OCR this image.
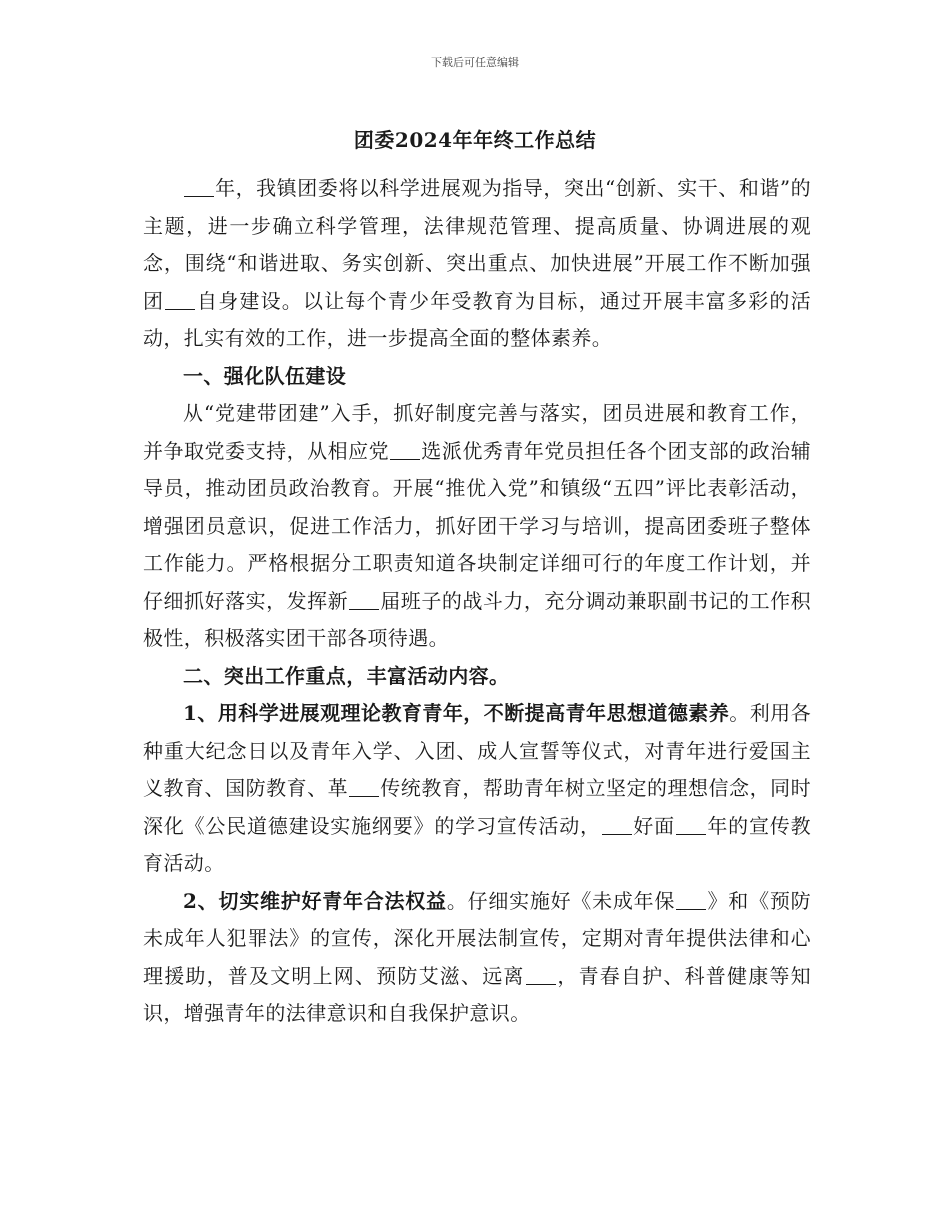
下载后可任意编辑
团委2024年年终工作总结

年，我镇团委将以科学进展观为指导，突出“创新、实干、和谐”的主题，进一步确立科学管理，法律规范管理、提高质量、协调进展的观念，围绕“和谐进取、务实创新、突出重点、加快进展”开展工作不断加强团 自身建设。以让每个青少年受教育为目标，通过开展丰富多彩的活动，扎实有效的工作，进一步提高全面的整体素养。

一、强化队伍建设

从“党建带团建”入手，抓好制度完善与落实，团员进展和教育工作，并争取党委支持，从相应党 选派优秀青年党员担任各个团支部的政治辅导员，推动团员政治教育。开展“推优入党”和镇级“五四”评比表彰活动，增强团员意识，促进工作活力，抓好团干学习与培训，提高团委班子整体工作能力。严格根据分工职责知道各块制定详细可行的年度工作计划，并仔细抓好落实，发挥新 届班子的战斗力，充分调动兼职副书记的工作积极性，积极落实团干部各项待遇。

二、突出工作重点，丰富活动内容。

1、用科学进展观理论教育青年，不断提高青年思想道德素养。利用各种重大纪念日以及青年入学、入团、成人宣誓等仪式，对青年进行爱国主义教育、国防教育、革 传统教育，帮助青年树立坚定的理想信念，同时深化《公民道德建设实施纲要》的学习宣传活动， 好面 年的宣传教育活动。

2、切实维护好青年合法权益。仔细实施好《未成年保 》和《预防未成年人犯罪法》的宣传，深化开展法制宣传，定期对青年提供法律和心理援助，普及文明上网、预防艾滋、远离 ，青春自护、科普健康等知识，增强青年的法律意识和自我保护意识。
